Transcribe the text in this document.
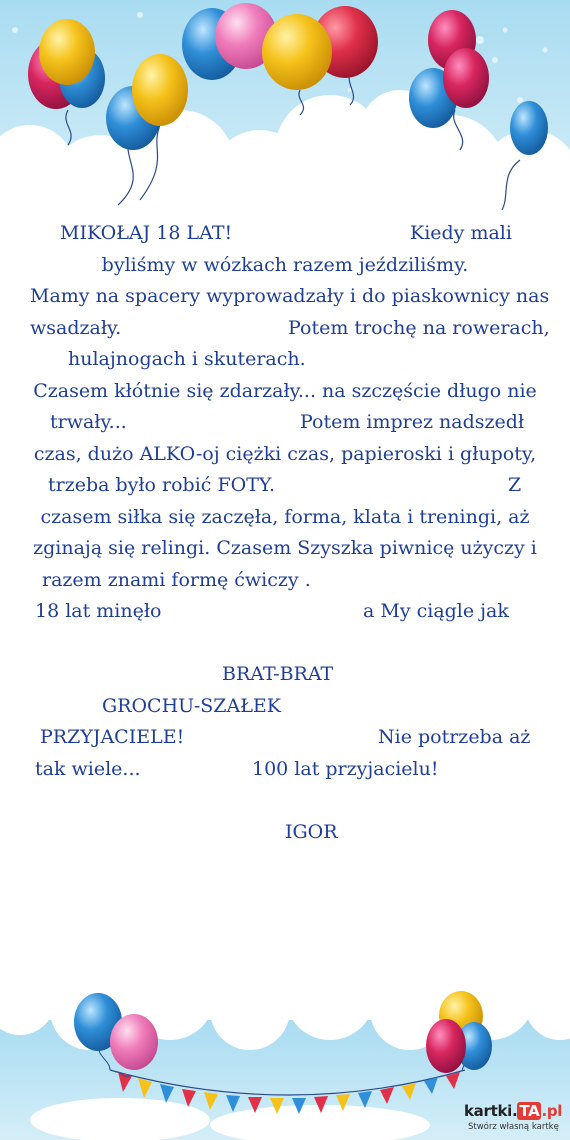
MIKOŁAJ 18 LAT!	Kiedy mali
byliśmy w wózkach razem jeździliśmy.
Mamy na spacery wyprowadzały i do piaskownicy nas
wsadzały.	Potem trochę na rowerach,
hulajnogach i skuterach.
Czasem kłótnie się zdarzały... na szczęście długo nie
trwały...	Potem imprez nadszedł
czas, dużo ALKO-oj ciężki czas, papieroski i głupoty,
trzeba było robić FOTY.	Z
czasem siłka się zaczęła, forma, klata i treningi, aż
zginają się relingi. Czasem Szyszka piwnicę użyczy i
razem znami formę ćwiczy .
18 lat minęło	a My ciągle jak
BRAT-BRAT
GROCHU-SZAŁEK
PRZYJACIELE!	Nie potrzeba aż
tak wiele...	100 lat przyjacielu!
IGOR
kartki. TA .pl
Stwórz własną kartkę
